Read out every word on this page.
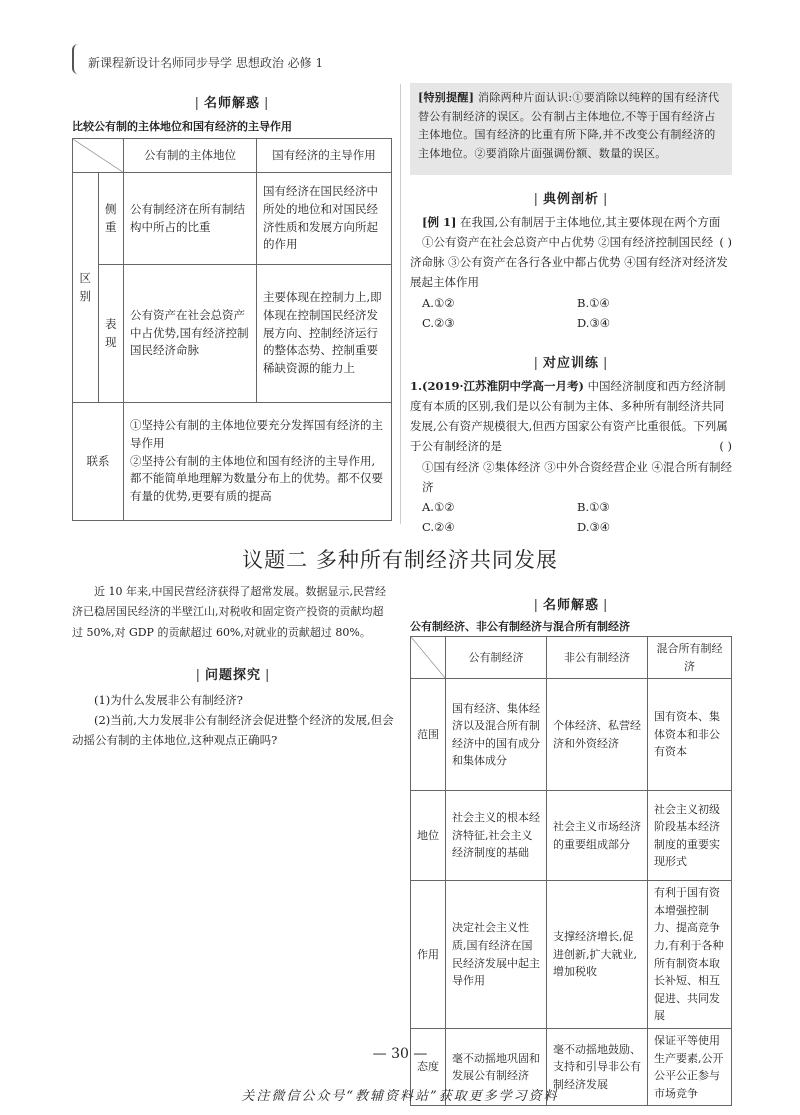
新课程新设计名师同步导学 思想政治 必修 1
| 名师解惑 |
比较公有制的主体地位和国有经济的主导作用
		公有制的主体地位	国有经济的主导作用
区别	侧重	公有制经济在所有制结构中所占的比重	国有经济在国民经济中所处的地位和对国民经济性质和发展方向所起的作用
	表现	公有资产在社会总资产中占优势,国有经济控制国民经济命脉	主要体现在控制力上,即体现在控制国民经济发展方向、控制经济运行的整体态势、控制重要稀缺资源的能力上
联系		①坚持公有制的主体地位要充分发挥国有经济的主导作用
②坚持公有制的主体地位和国有经济的主导作用,都不能简单地理解为数量分布上的优势。都不仅要有量的优势,更要有质的提高	
[特别提醒] 消除两种片面认识:①要消除以纯粹的国有经济代替公有制经济的误区。公有制占主体地位,不等于国有经济占主体地位。国有经济的比重有所下降,并不改变公有制经济的主体地位。②要消除片面强调份额、数量的误区。
| 典例剖析 |
[例 1] 在我国,公有制居于主体地位,其主要体现在两个方面
( )
①公有资产在社会总资产中占优势 ②国有经济控制国民经济命脉 ③公有资产在各行各业中都占优势 ④国有经济对经济发展起主体作用
A.①②	B.①④
C.②③	D.③④
| 对应训练 |
1.(2019·江苏淮阴中学高一月考) 中国经济制度和西方经济制度有本质的区别,我们是以公有制为主体、多种所有制经济共同发展,公有资产规模很大,但西方国家公有资产比重很低。下列属于公有制经济的是	( )
①国有经济 ②集体经济 ③中外合资经营企业 ④混合所有制经济
A.①②	B.①③
C.②④	D.③④
议题二 多种所有制经济共同发展
近 10 年来,中国民营经济获得了超常发展。数据显示,民营经济已稳居国民经济的半壁江山,对税收和固定资产投资的贡献均超过 50%,对 GDP 的贡献超过 60%,对就业的贡献超过 80%。
| 问题探究 |
(1)为什么发展非公有制经济?
(2)当前,大力发展非公有制经济会促进整个经济的发展,但会动摇公有制的主体地位,这种观点正确吗?
| 名师解惑 |
公有制经济、非公有制经济与混合所有制经济
	公有制经济	非公有制经济	混合所有制经济
范围	国有经济、集体经济以及混合所有制经济中的国有成分和集体成分	个体经济、私营经济和外资经济	国有资本、集体资本和非公有资本
地位	社会主义的根本经济特征,社会主义经济制度的基础	社会主义市场经济的重要组成部分	社会主义初级阶段基本经济制度的重要实现形式
作用	决定社会主义性质,国有经济在国民经济发展中起主导作用	支撑经济增长,促进创新,扩大就业,增加税收	有利于国有资本增强控制力、提高竞争力,有利于各种所有制资本取长补短、相互促进、共同发展
态度	毫不动摇地巩固和发展公有制经济	毫不动摇地鼓励、支持和引导非公有制经济发展	保证平等使用生产要素,公开公平公正参与市场竞争
— 30 —
关注微信公众号“教辅资料站”获取更多学习资料
